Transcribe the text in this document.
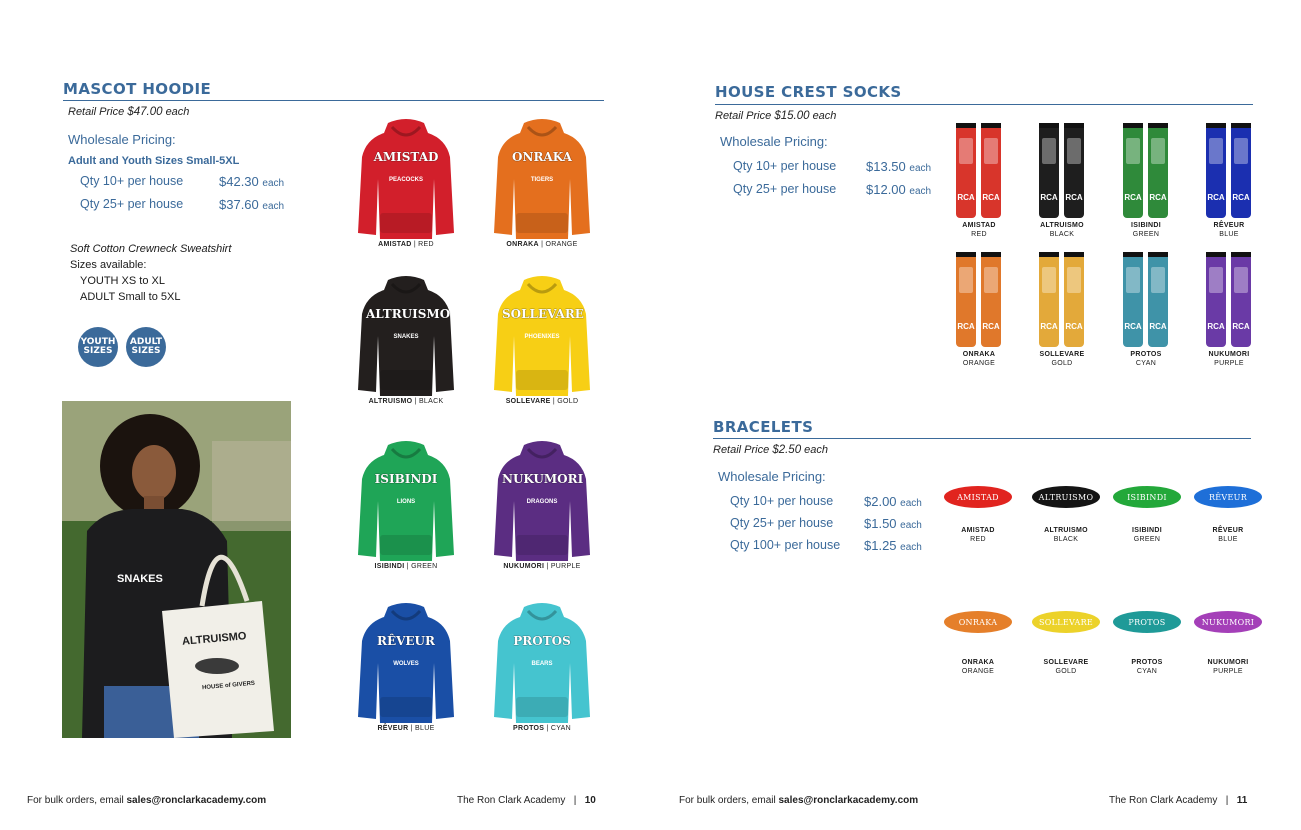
MASCOT HOODIE
Retail Price $47.00 each
Wholesale Pricing:
Adult and Youth Sizes Small-5XL
Qty 10+ per house	$42.30 each
Qty 25+ per house	$37.60 each
Soft Cotton Crewneck Sweatshirt
Sizes available:
YOUTH XS to XL
ADULT Small to 5XL
YOUTH
SIZES
ADULT
SIZES
SNAKES
ALTRUISMO
HOUSE of GIVERS
AMISTAD
PEACOCKS
AMISTAD | RED
ONRAKA
TIGERS
ONRAKA | ORANGE
ALTRUISMO
SNAKES
ALTRUISMO | BLACK
SOLLEVARE
PHOENIXES
SOLLEVARE | GOLD
ISIBINDI
LIONS
ISIBINDI | GREEN
NUKUMORI
DRAGONS
NUKUMORI | PURPLE
RÊVEUR
WOLVES
RÊVEUR | BLUE
PROTOS
BEARS
PROTOS | CYAN
For bulk orders, email sales@ronclarkacademy.com	The Ron Clark Academy | 10
HOUSE CREST SOCKS
Retail Price $15.00 each
Wholesale Pricing:
Qty 10+ per house $13.50 each
Qty 25+ per house $12.00 each
RCA RCA
AMISTAD
RED
RCA RCA
ALTRUISMO
BLACK
RCA RCA
ISIBINDI
GREEN
RCA RCA
RÊVEUR
BLUE
RCA RCA
ONRAKA
ORANGE
RCA RCA
SOLLEVARE
GOLD
RCA RCA
PROTOS
CYAN
RCA RCA
NUKUMORI
PURPLE
BRACELETS
Retail Price $2.50 each
Wholesale Pricing:
Qty 10+ per house $2.00 each
Qty 25+ per house $1.50 each
Qty 100+ per house $1.25 each
AMISTAD
AMISTAD
RED
ALTRUISMO
ALTRUISMO
BLACK
ISIBINDI
ISIBINDI
GREEN
RÊVEUR
RÊVEUR
BLUE
ONRAKA
ONRAKA
ORANGE
SOLLEVARE
SOLLEVARE
GOLD
PROTOS
PROTOS
CYAN
NUKUMORI
NUKUMORI
PURPLE
For bulk orders, email sales@ronclarkacademy.com	The Ron Clark Academy | 11
